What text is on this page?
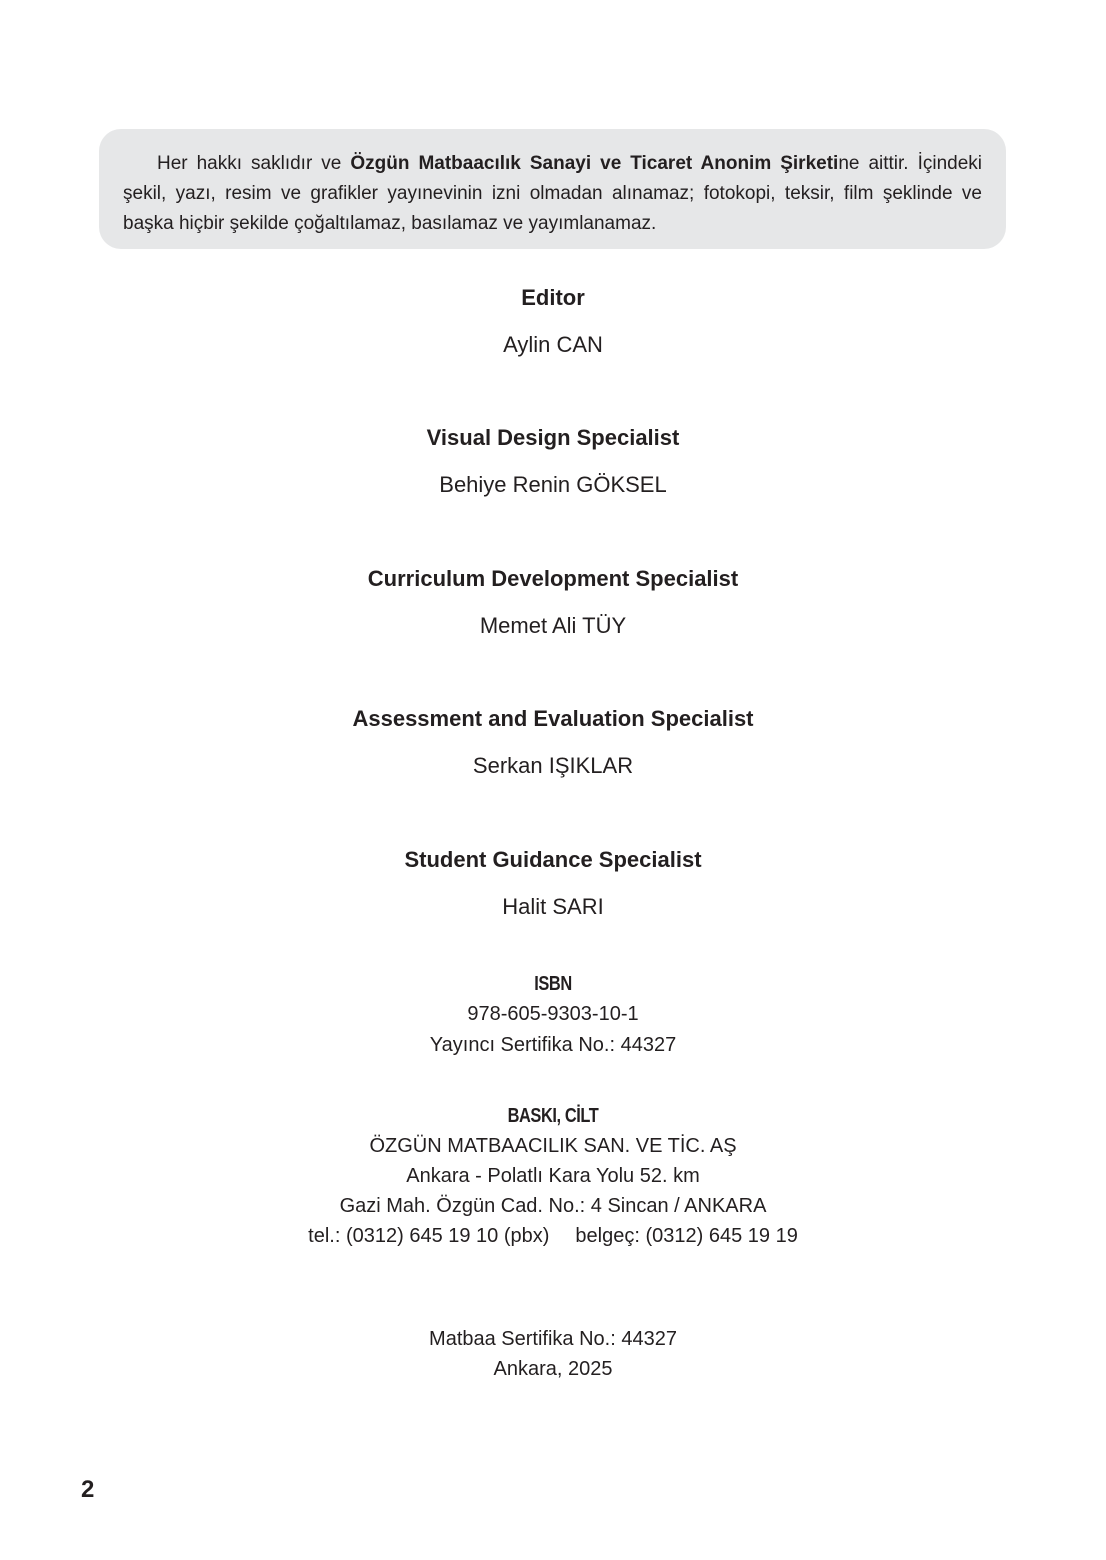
Her hakkı saklıdır ve Özgün Matbaacılık Sanayi ve Ticaret Anonim Şirketine aittir. İçindeki şekil, yazı, resim ve grafikler yayınevinin izni olmadan alınamaz; fotokopi, teksir, film şeklinde ve başka hiçbir şekilde çoğaltılamaz, basılamaz ve yayımlanamaz.

Editor
Aylin CAN
Visual Design Specialist
Behiye Renin GÖKSEL
Curriculum Development Specialist
Memet Ali TÜY
Assessment and Evaluation Specialist
Serkan IŞIKLAR
Student Guidance Specialist
Halit SARI
ISBN
978-605-9303-10-1
Yayıncı Sertifika No.: 44327
BASKI, CİLT
ÖZGÜN MATBAACILIK SAN. VE TİC. AŞ
Ankara - Polatlı Kara Yolu 52. km
Gazi Mah. Özgün Cad. No.: 4 Sincan / ANKARA
tel.: (0312) 645 19 10 (pbx) belgeç: (0312) 645 19 19
Matbaa Sertifika No.: 44327
Ankara, 2025
2
